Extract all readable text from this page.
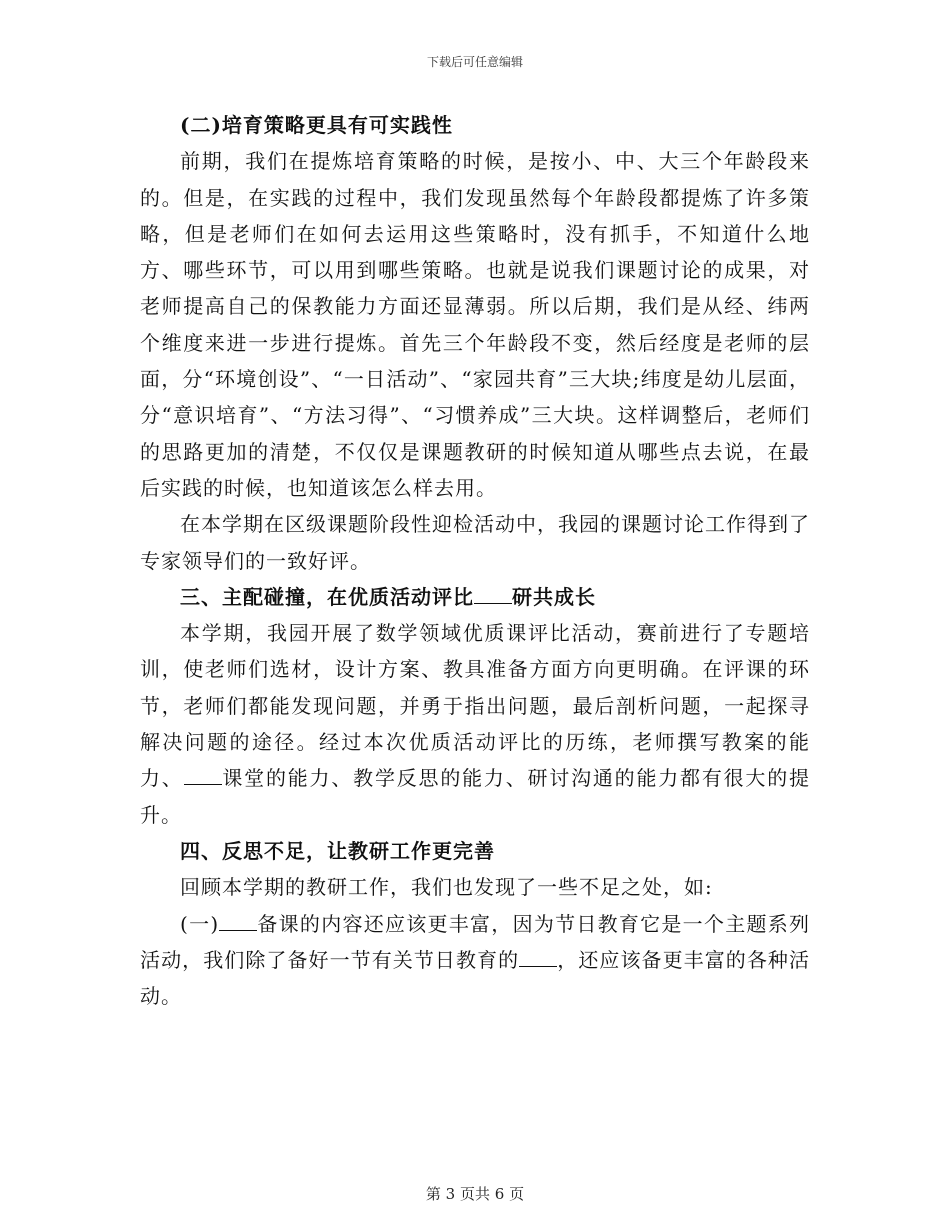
下载后可任意编辑

(二)培育策略更具有可实践性

前期，我们在提炼培育策略的时候，是按小、中、大三个年龄段来的。但是，在实践的过程中，我们发现虽然每个年龄段都提炼了许多策略，但是老师们在如何去运用这些策略时，没有抓手，不知道什么地方、哪些环节，可以用到哪些策略。也就是说我们课题讨论的成果，对老师提高自己的保教能力方面还显薄弱。所以后期，我们是从经、纬两个维度来进一步进行提炼。首先三个年龄段不变，然后经度是老师的层面，分“环境创设”、“一日活动”、“家园共育”三大块;纬度是幼儿层面，分“意识培育”、“方法习得”、“习惯养成”三大块。这样调整后，老师们的思路更加的清楚，不仅仅是课题教研的时候知道从哪些点去说，在最后实践的时候，也知道该怎么样去用。

在本学期在区级课题阶段性迎检活动中，我园的课题讨论工作得到了专家领导们的一致好评。

三、主配碰撞，在优质活动评比 研共成长

本学期，我园开展了数学领域优质课评比活动，赛前进行了专题培训，使老师们选材，设计方案、教具准备方面方向更明确。在评课的环节，老师们都能发现问题，并勇于指出问题，最后剖析问题，一起探寻解决问题的途径。经过本次优质活动评比的历练，老师撰写教案的能力、 课堂的能力、教学反思的能力、研讨沟通的能力都有很大的提升。

四、反思不足，让教研工作更完善

回顾本学期的教研工作，我们也发现了一些不足之处，如:

(一) 备课的内容还应该更丰富，因为节日教育它是一个主题系列活动，我们除了备好一节有关节日教育的 ，还应该备更丰富的各种活动。

第 3 页共 6 页
